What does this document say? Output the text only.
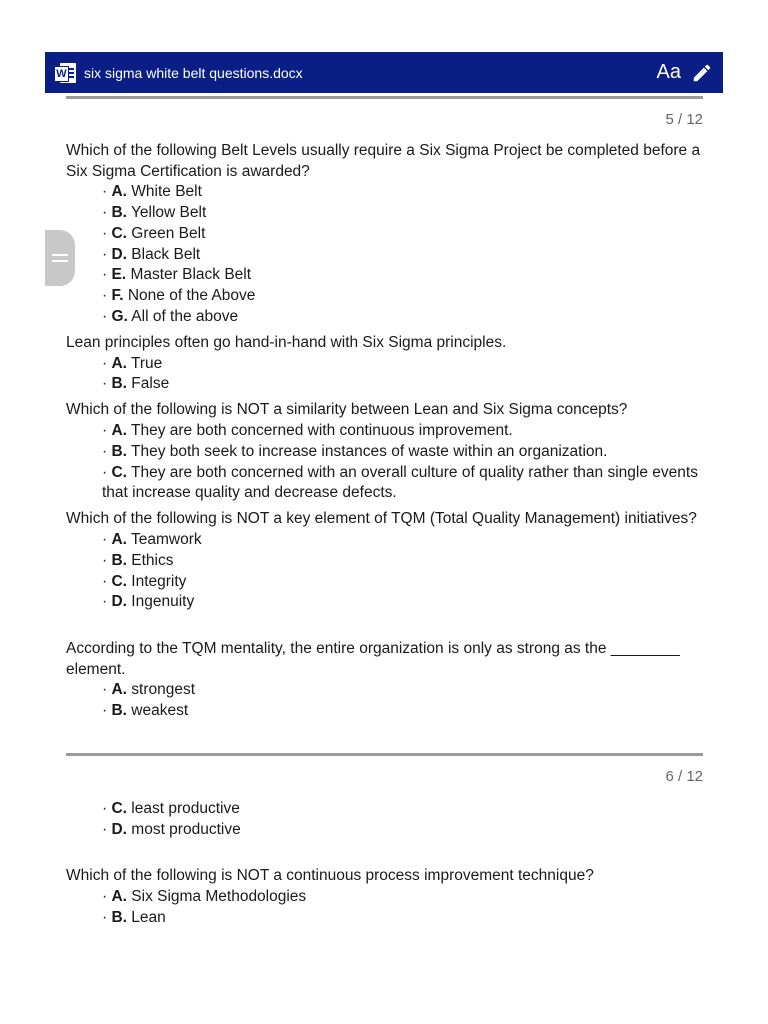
W six sigma white belt questions.docx	Aa
5 / 12

Which of the following Belt Levels usually require a Six Sigma Project be completed before a Six Sigma Certification is awarded?

· A. White Belt

· B. Yellow Belt

· C. Green Belt

· D. Black Belt

· E. Master Black Belt

· F. None of the Above

· G. All of the above

Lean principles often go hand-in-hand with Six Sigma principles.

· A. True

· B. False

Which of the following is NOT a similarity between Lean and Six Sigma concepts?

· A. They are both concerned with continuous improvement.

· B. They both seek to increase instances of waste within an organization.

· C. They are both concerned with an overall culture of quality rather than single events that increase quality and decrease defects.

Which of the following is NOT a key element of TQM (Total Quality Management) initiatives?

· A. Teamwork

· B. Ethics

· C. Integrity

· D. Ingenuity

According to the TQM mentality, the entire organization is only as strong as the ________ element.

· A. strongest

· B. weakest

6 / 12

· C. least productive

· D. most productive

Which of the following is NOT a continuous process improvement technique?

· A. Six Sigma Methodologies

· B. Lean
